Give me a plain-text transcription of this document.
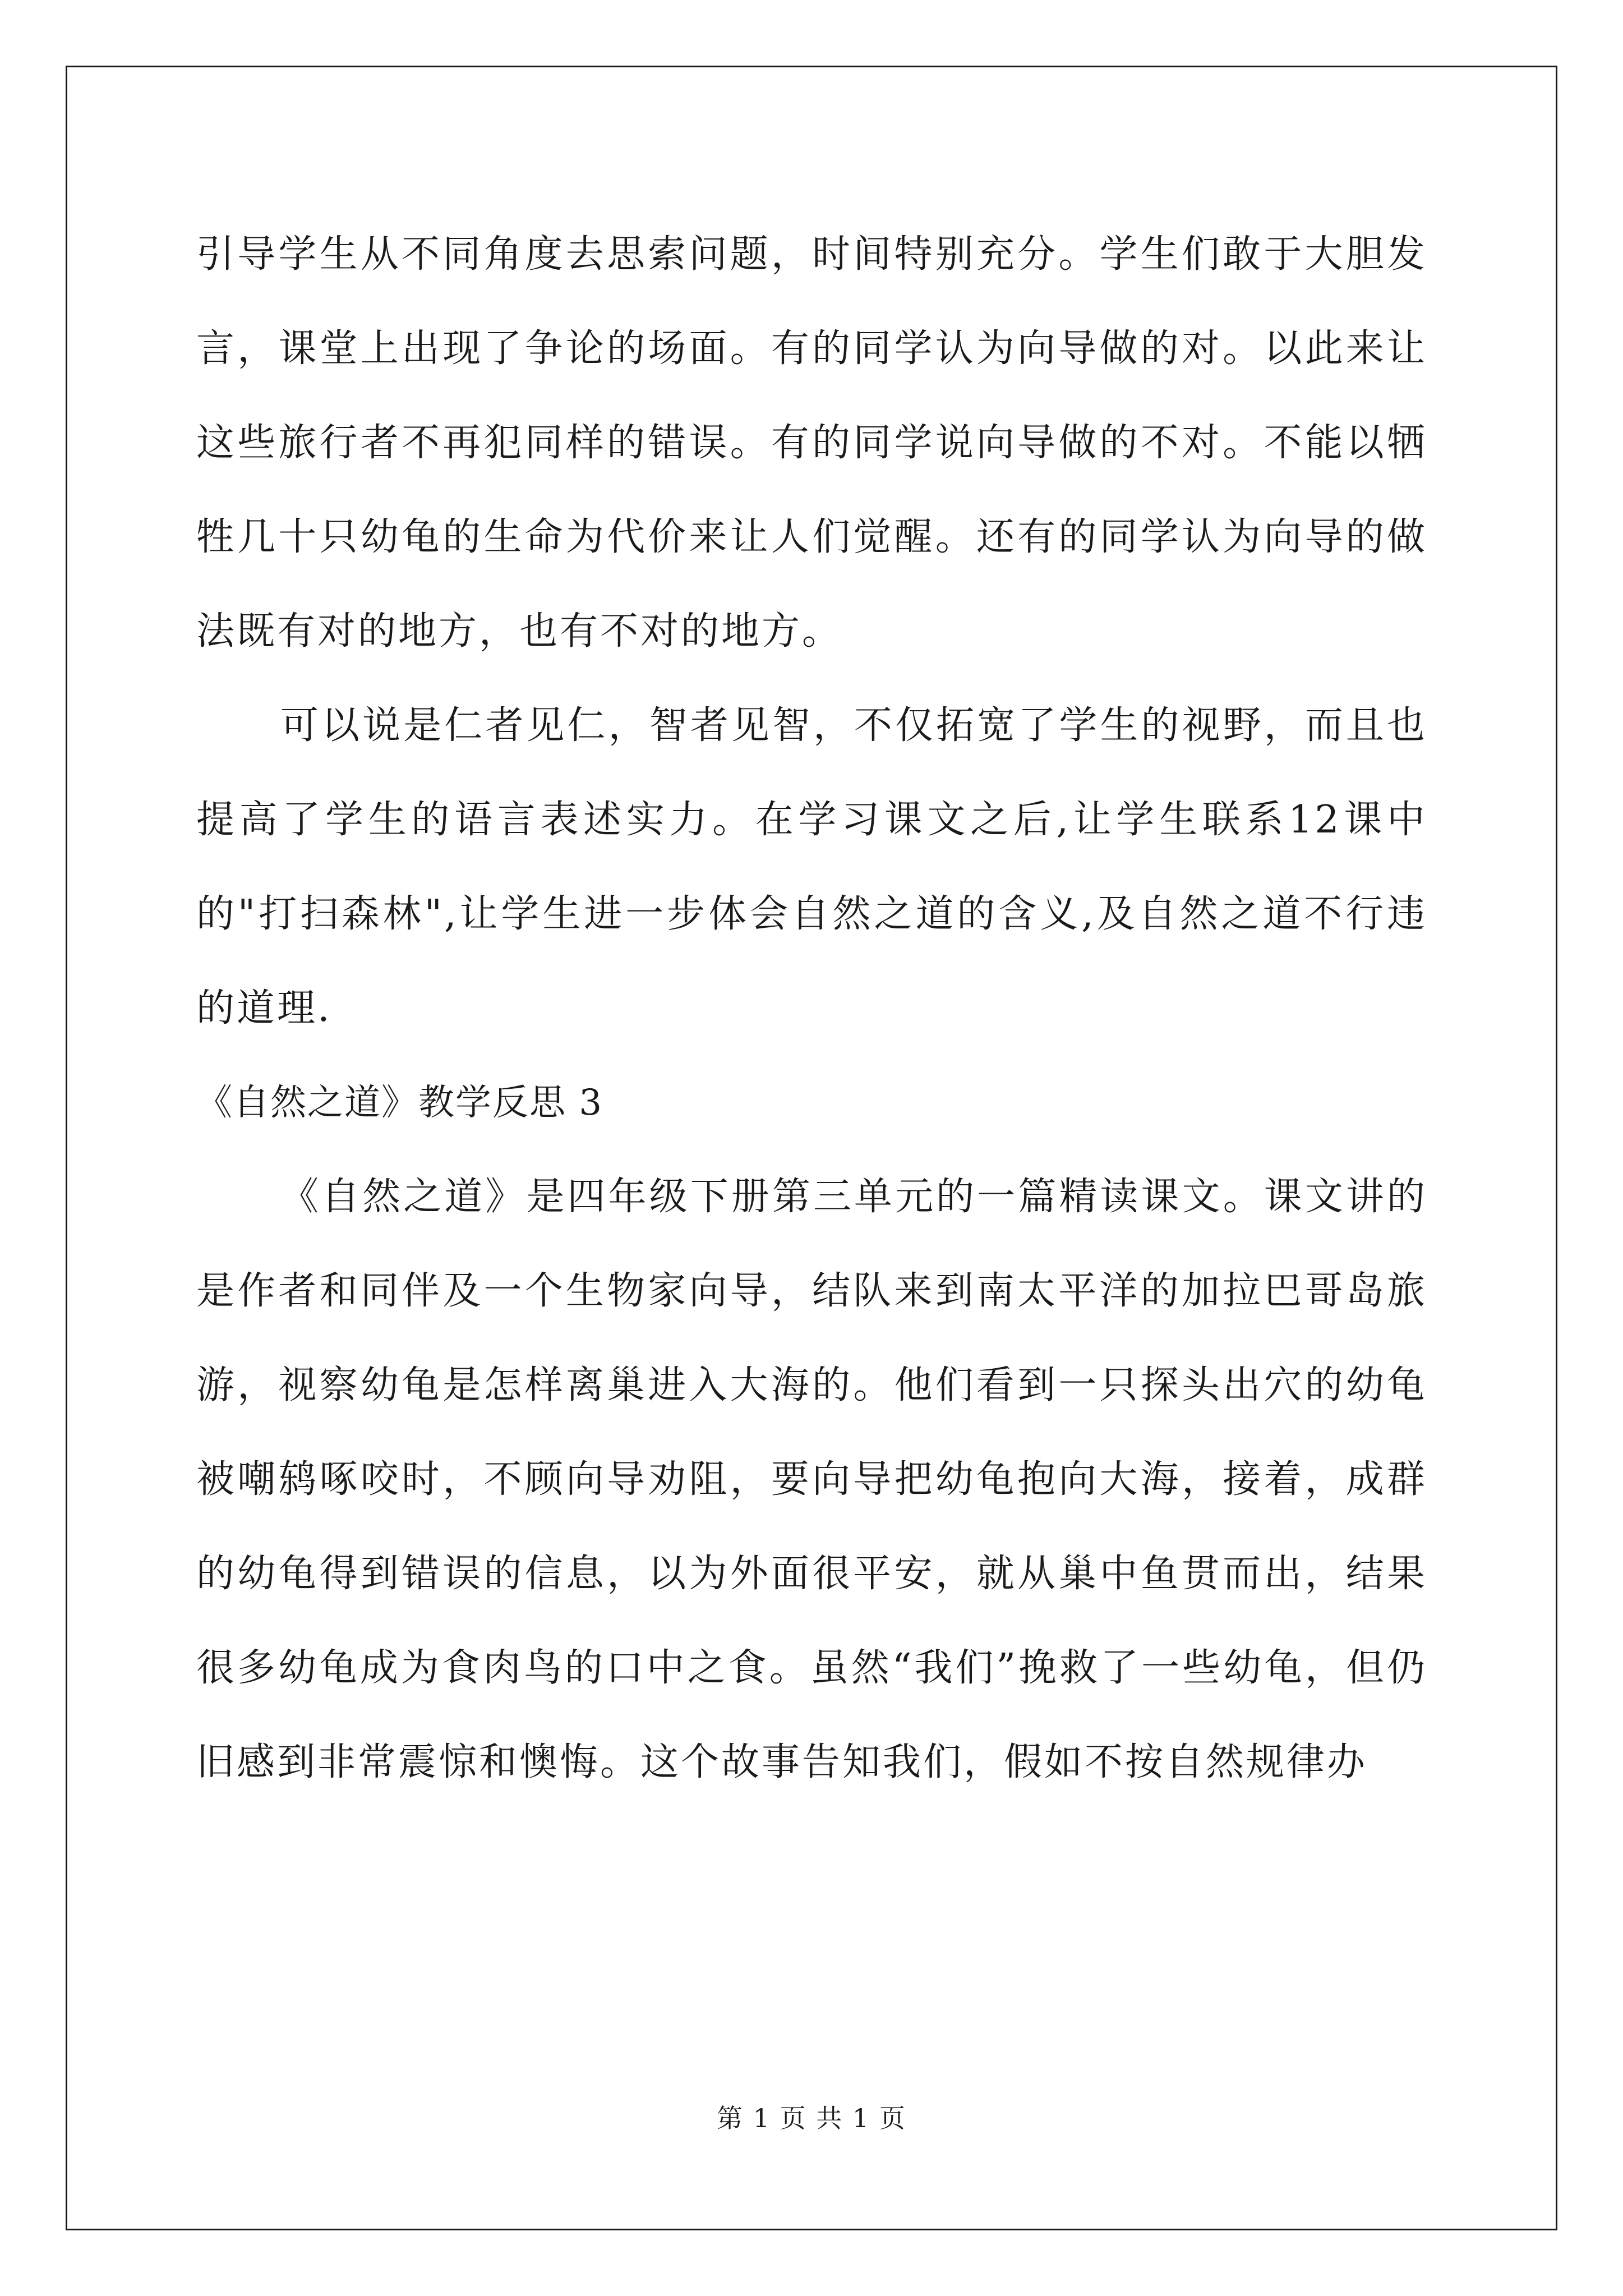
引导学生从不同角度去思索问题，时间特别充分。学生们敢于大胆发言，课堂上出现了争论的场面。有的同学认为向导做的对。以此来让这些旅行者不再犯同样的错误。有的同学说向导做的不对。不能以牺牲几十只幼龟的生命为代价来让人们觉醒。还有的同学认为向导的做法既有对的地方，也有不对的地方。

可以说是仁者见仁，智者见智，不仅拓宽了学生的视野，而且也提高了学生的语言表述实力。在学习课文之后,让学生联系12课中的"打扫森林",让学生进一步体会自然之道的含义,及自然之道不行违的道理.

《自然之道》教学反思 3

《自然之道》是四年级下册第三单元的一篇精读课文。课文讲的是作者和同伴及一个生物家向导，结队来到南太平洋的加拉巴哥岛旅游，视察幼龟是怎样离巢进入大海的。他们看到一只探头出穴的幼龟被嘲鸫啄咬时，不顾向导劝阻，要向导把幼龟抱向大海，接着，成群的幼龟得到错误的信息，以为外面很平安，就从巢中鱼贯而出，结果很多幼龟成为食肉鸟的口中之食。虽然“我们”挽救了一些幼龟，但仍旧感到非常震惊和懊悔。这个故事告知我们，假如不按自然规律办

第 1 页 共 1 页
